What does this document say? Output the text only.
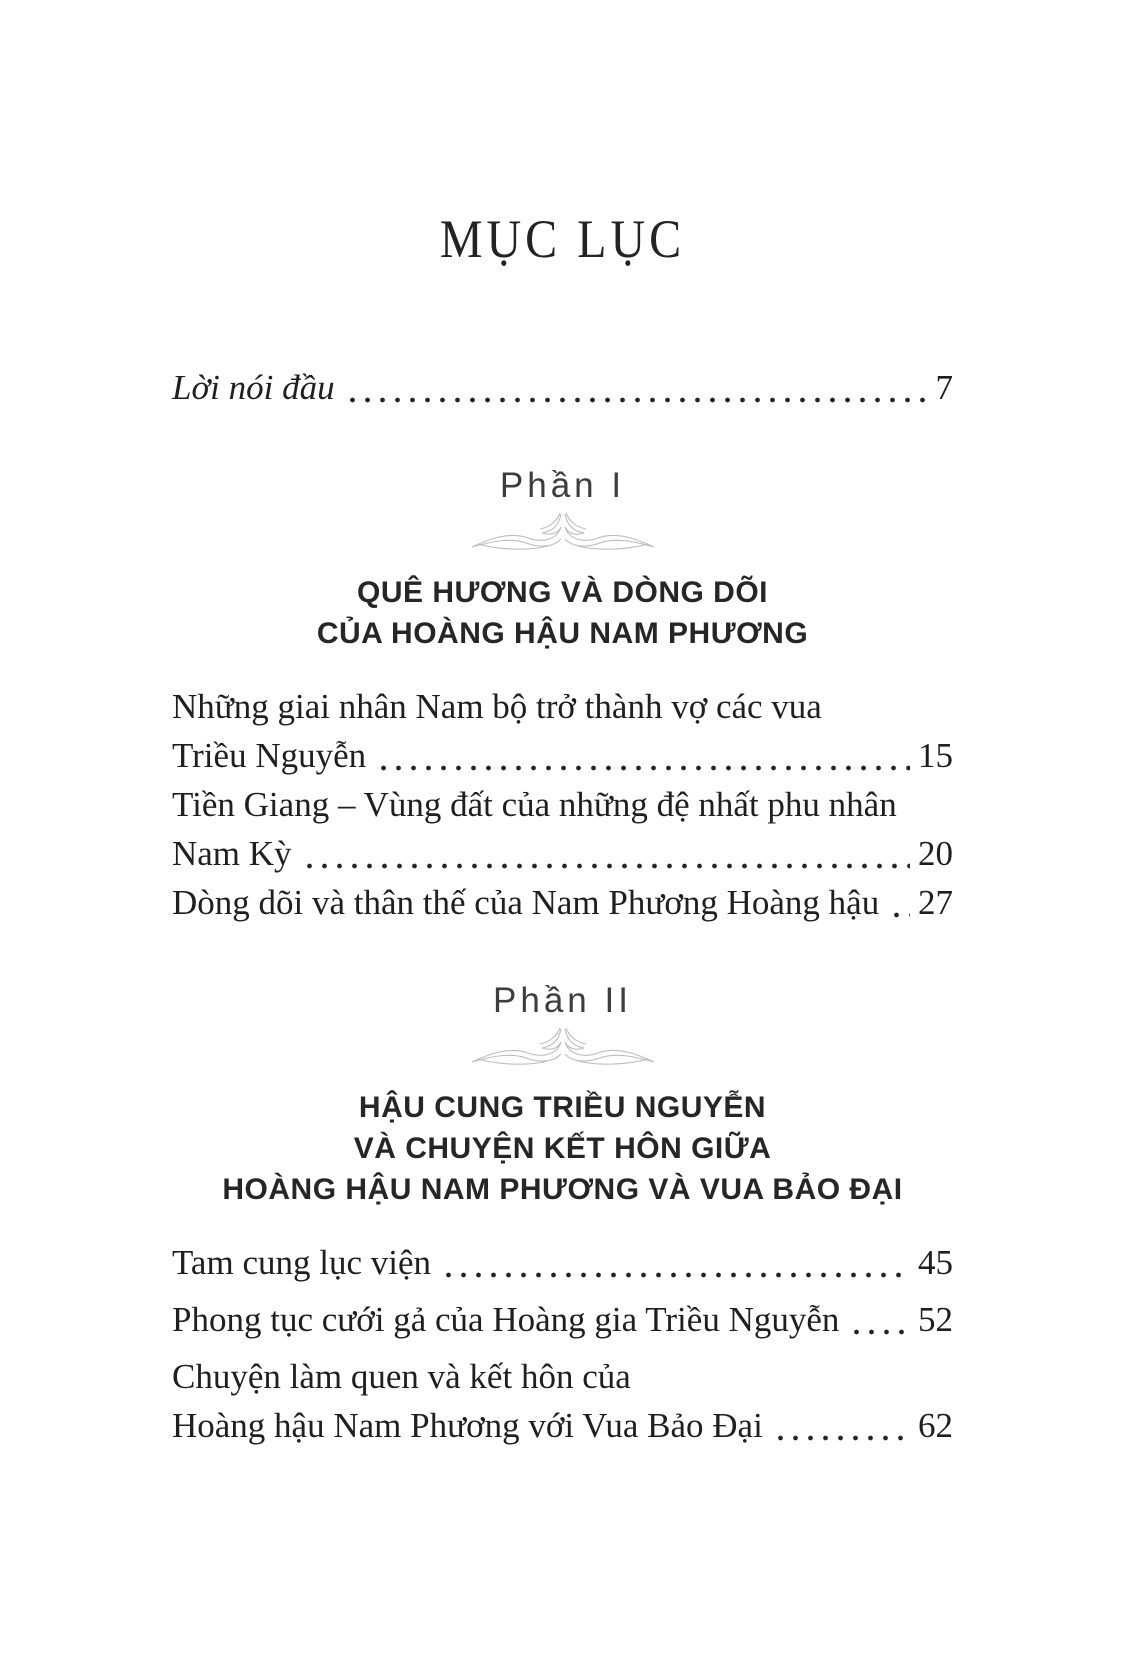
MỤC LỤC
Lời nói đầu	7
Phần I
QUÊ HƯƠNG VÀ DÒNG DÕI
CỦA HOÀNG HẬU NAM PHƯƠNG
Những giai nhân Nam bộ trở thành vợ các vua
Triều Nguyễn	15
Tiền Giang – Vùng đất của những đệ nhất phu nhân
Nam Kỳ	20
Dòng dõi và thân thế của Nam Phương Hoàng hậu 27
Phần II
HẬU CUNG TRIỀU NGUYỄN
VÀ CHUYỆN KẾT HÔN GIỮA
HOÀNG HẬU NAM PHƯƠNG VÀ VUA BẢO ĐẠI
Tam cung lục viện	45
Phong tục cưới gả của Hoàng gia Triều Nguyễn 52
Chuyện làm quen và kết hôn của
Hoàng hậu Nam Phương với Vua Bảo Đại	62
